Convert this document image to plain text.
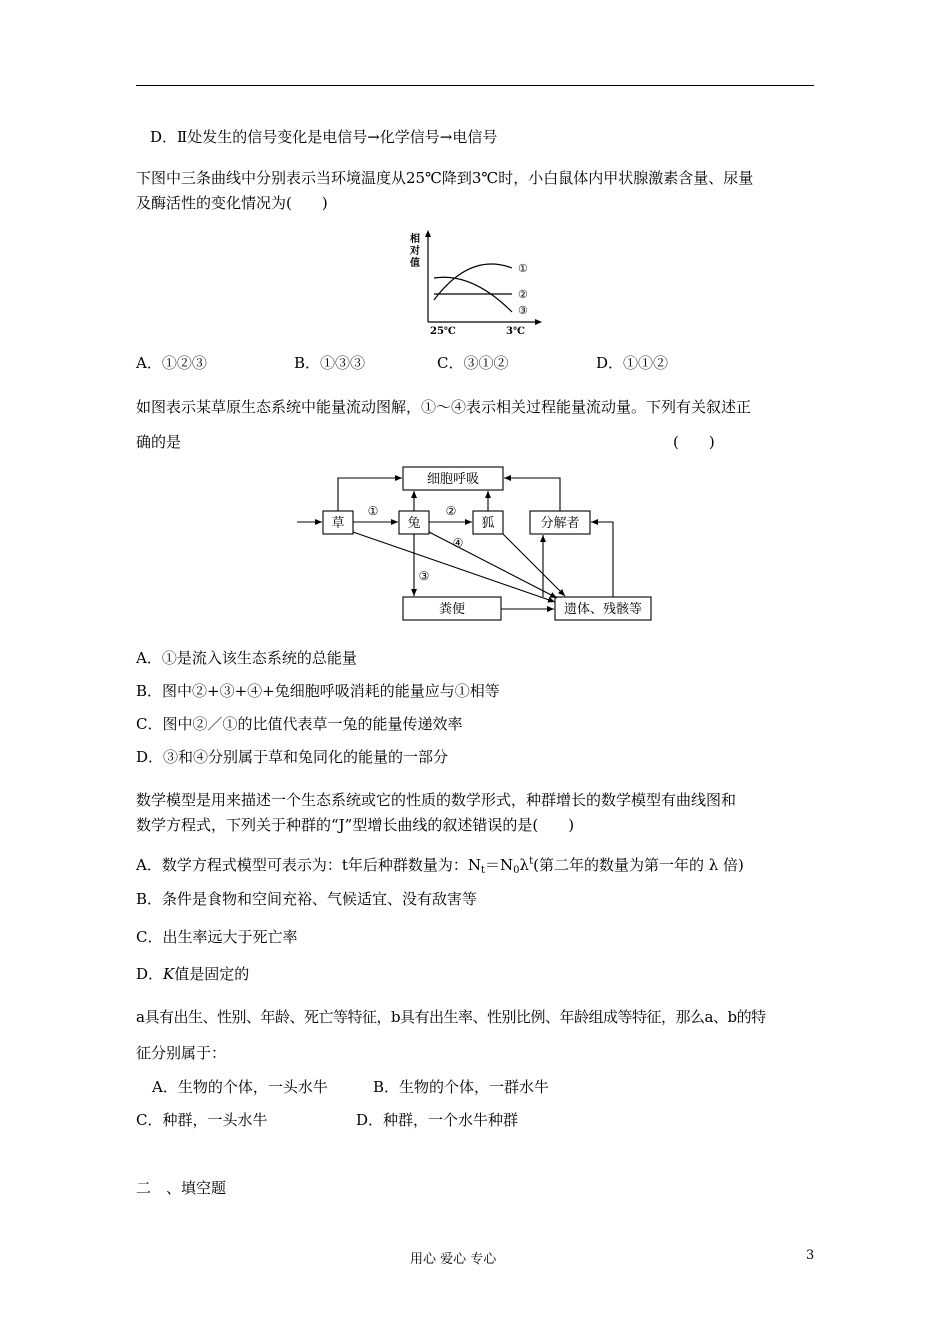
D．Ⅱ处发生的信号变化是电信号→化学信号→电信号
下图中三条曲线中分别表示当环境温度从25℃降到3℃时，小白鼠体内甲状腺激素含量、尿量
及酶活性的变化情况为(　　)
相
对
值	①
②
③
25℃	3℃
A．①②③	B．①③③	C．③①②	D．①①②
如图表示某草原生态系统中能量流动图解，①～④表示相关过程能量流动量。下列有关叙述正
确的是	(　　)
细胞呼吸
草	兔	狐	分解者
粪便	遗体、残骸等
①	②
③
④
A．①是流入该生态系统的总能量
B．图中②+③+④+兔细胞呼吸消耗的能量应与①相等
C．图中②／①的比值代表草一兔的能量传递效率
D．③和④分别属于草和兔同化的能量的一部分
数学模型是用来描述一个生态系统或它的性质的数学形式，种群增长的数学模型有曲线图和
数学方程式，下列关于种群的“J”型增长曲线的叙述错误的是(　　)
A．数学方程式模型可表示为：t年后种群数量为：$N_t=N_0\lambda^t$(第二年的数量为第一年的 λ 倍)
B．条件是食物和空间充裕、气候适宜、没有敌害等
C．出生率远大于死亡率
D．K值是固定的
a具有出生、性别、年龄、死亡等特征，b具有出生率、性别比例、年龄组成等特征，那么a、b的特
征分别属于：
A．生物的个体，一头水牛	B．生物的个体，一群水牛
C．种群，一头水牛	D．种群，一个水牛种群
二　、填空题
用心 爱心 专心	3
